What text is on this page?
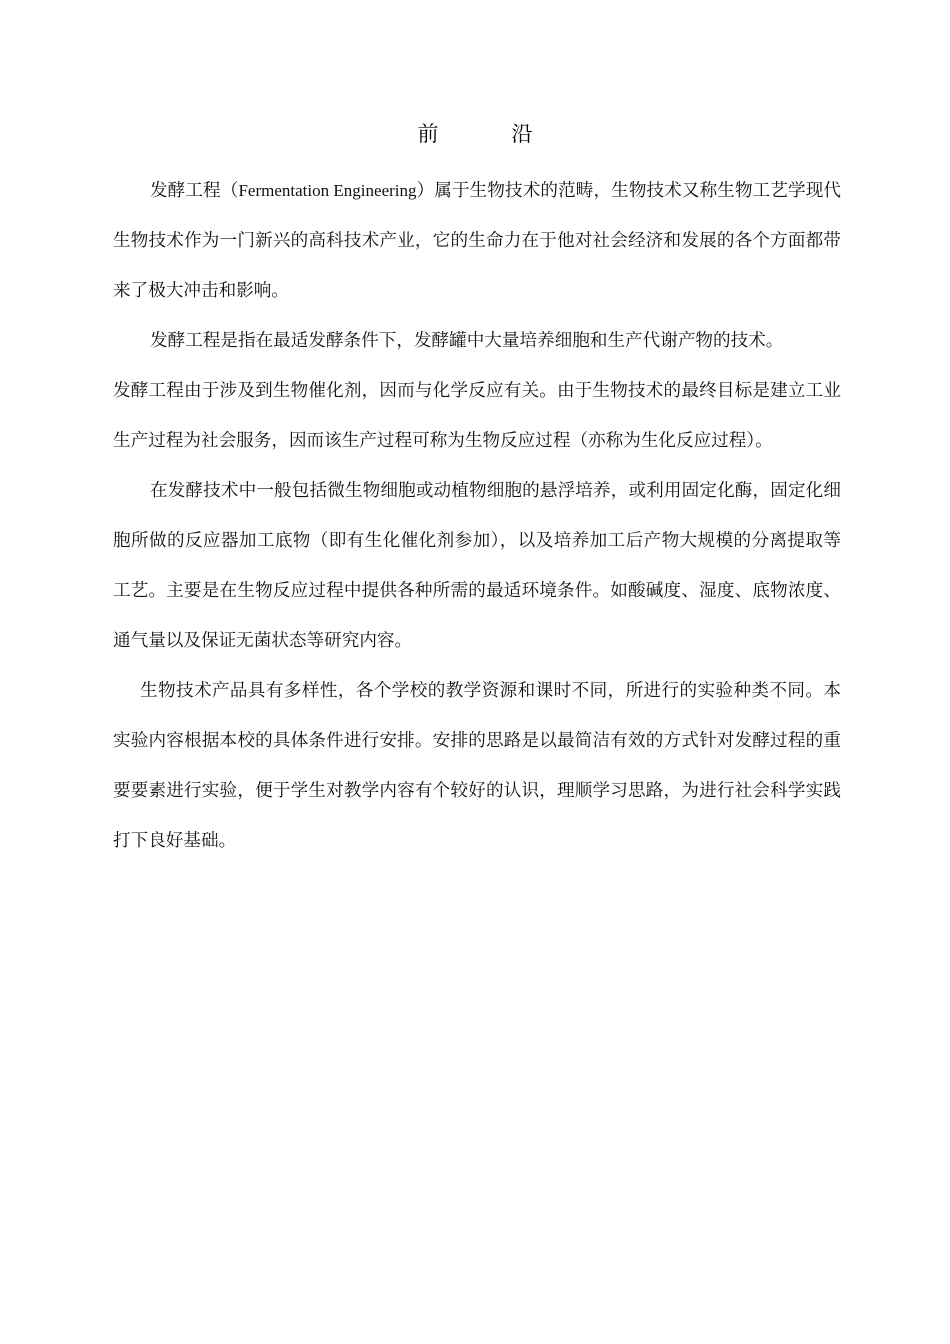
前　沿

发酵工程（Fermentation Engineering）属于生物技术的范畴，生物技术又称生物工艺学现代生物技术作为一门新兴的高科技术产业，它的生命力在于他对社会经济和发展的各个方面都带来了极大冲击和影响。

发酵工程是指在最适发酵条件下，发酵罐中大量培养细胞和生产代谢产物的技术。

发酵工程由于涉及到生物催化剂，因而与化学反应有关。由于生物技术的最终目标是建立工业生产过程为社会服务，因而该生产过程可称为生物反应过程（亦称为生化反应过程）。

在发酵技术中一般包括微生物细胞或动植物细胞的悬浮培养，或利用固定化酶，固定化细胞所做的反应器加工底物（即有生化催化剂参加），以及培养加工后产物大规模的分离提取等工艺。主要是在生物反应过程中提供各种所需的最适环境条件。如酸碱度、湿度、底物浓度、通气量以及保证无菌状态等研究内容。

生物技术产品具有多样性，各个学校的教学资源和课时不同，所进行的实验种类不同。本实验内容根据本校的具体条件进行安排。安排的思路是以最简洁有效的方式针对发酵过程的重要要素进行实验，便于学生对教学内容有个较好的认识，理顺学习思路，为进行社会科学实践打下良好基础。
